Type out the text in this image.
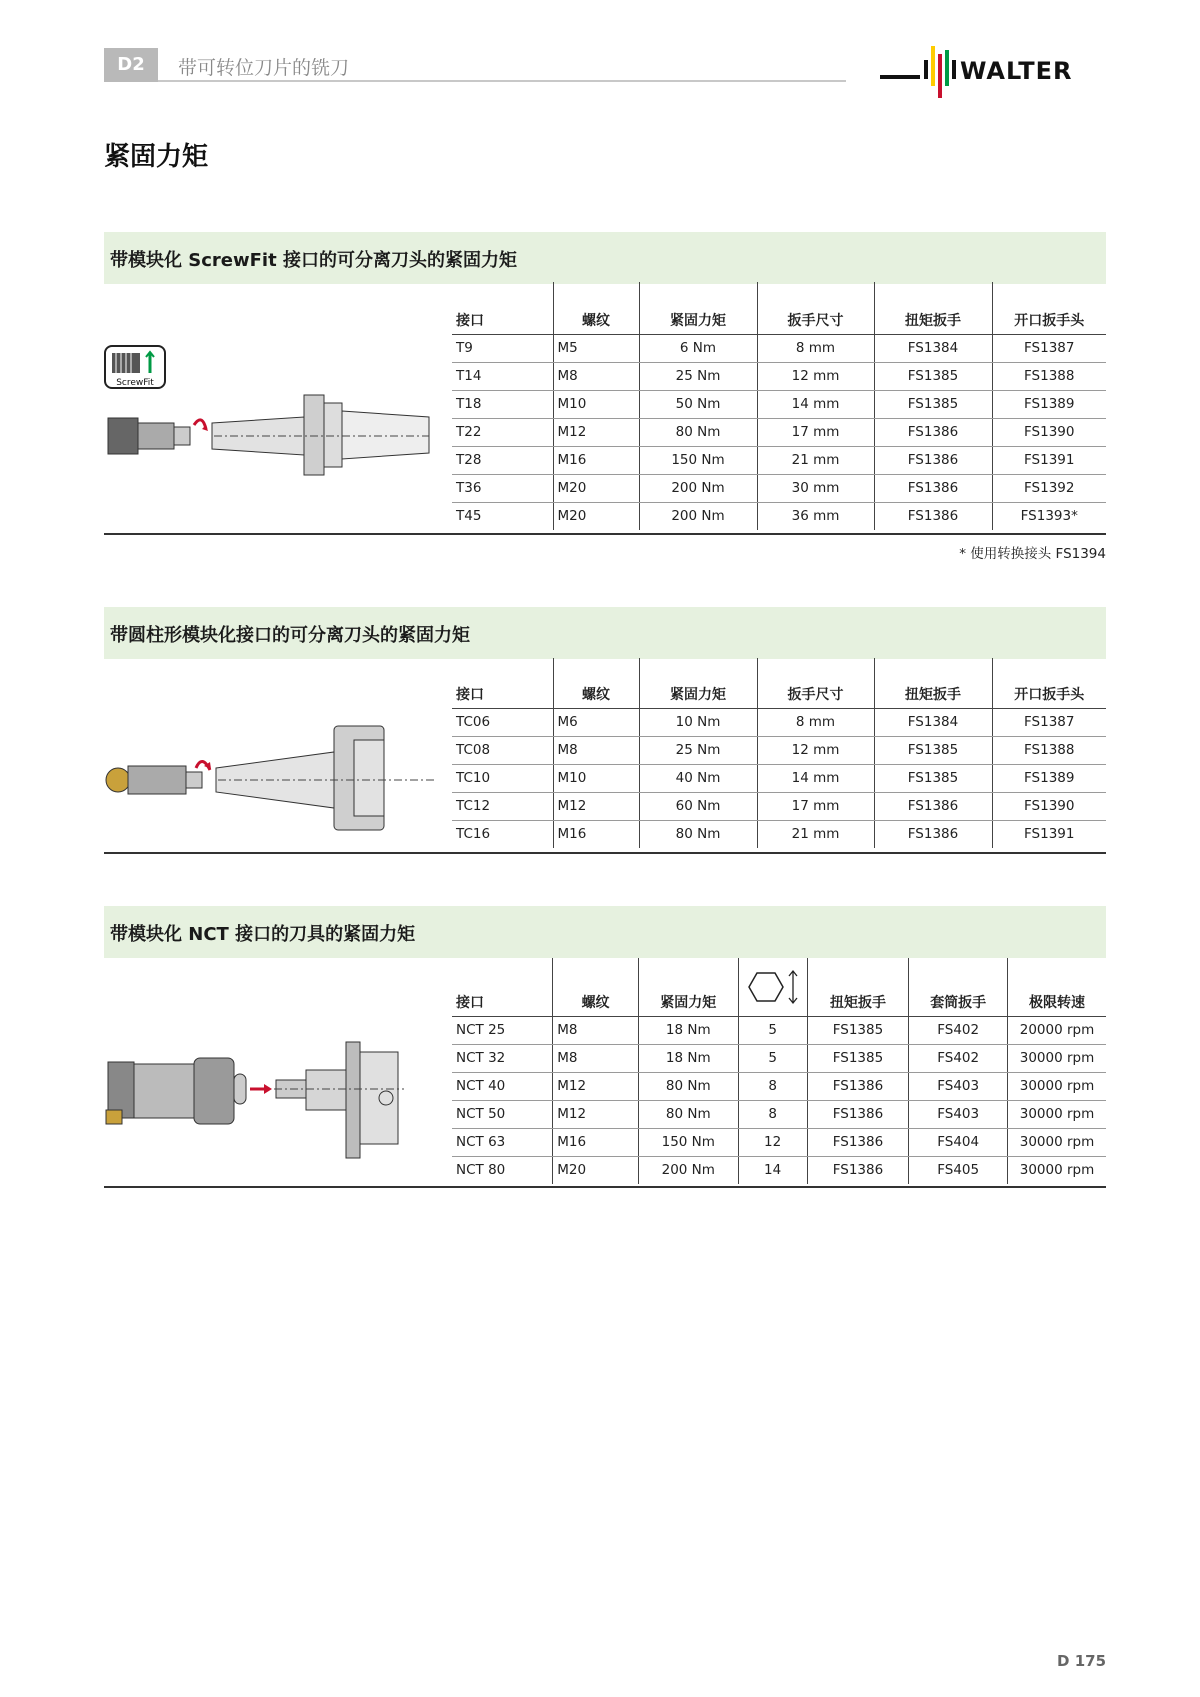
D2	带可转位刀片的铣刀	WALTER
紧固力矩
带模块化 ScrewFit 接口的可分离刀头的紧固力矩
ScrewFit
接口	螺纹	紧固力矩	扳手尺寸	扭矩扳手	开口扳手头
T9	M5	6 Nm	8 mm	FS1384	FS1387
T14	M8	25 Nm	12 mm	FS1385	FS1388
T18	M10	50 Nm	14 mm	FS1385	FS1389
T22	M12	80 Nm	17 mm	FS1386	FS1390
T28	M16	150 Nm	21 mm	FS1386	FS1391
T36	M20	200 Nm	30 mm	FS1386	FS1392
T45	M20	200 Nm	36 mm	FS1386	FS1393*
* 使用转换接头 FS1394
带圆柱形模块化接口的可分离刀头的紧固力矩
接口	螺纹	紧固力矩	扳手尺寸	扭矩扳手	开口扳手头
TC06	M6	10 Nm	8 mm	FS1384	FS1387
TC08	M8	25 Nm	12 mm	FS1385	FS1388
TC10	M10	40 Nm	14 mm	FS1385	FS1389
TC12	M12	60 Nm	17 mm	FS1386	FS1390
TC16	M16	80 Nm	21 mm	FS1386	FS1391
带模块化 NCT 接口的刀具的紧固力矩
接口	螺纹	紧固力矩		扭矩扳手	套筒扳手	极限转速
NCT 25	M8	18 Nm	5	FS1385	FS402	20000 rpm
NCT 32	M8	18 Nm	5	FS1385	FS402	30000 rpm
NCT 40	M12	80 Nm	8	FS1386	FS403	30000 rpm
NCT 50	M12	80 Nm	8	FS1386	FS403	30000 rpm
NCT 63	M16	150 Nm	12	FS1386	FS404	30000 rpm
NCT 80	M20	200 Nm	14	FS1386	FS405	30000 rpm
D 175
